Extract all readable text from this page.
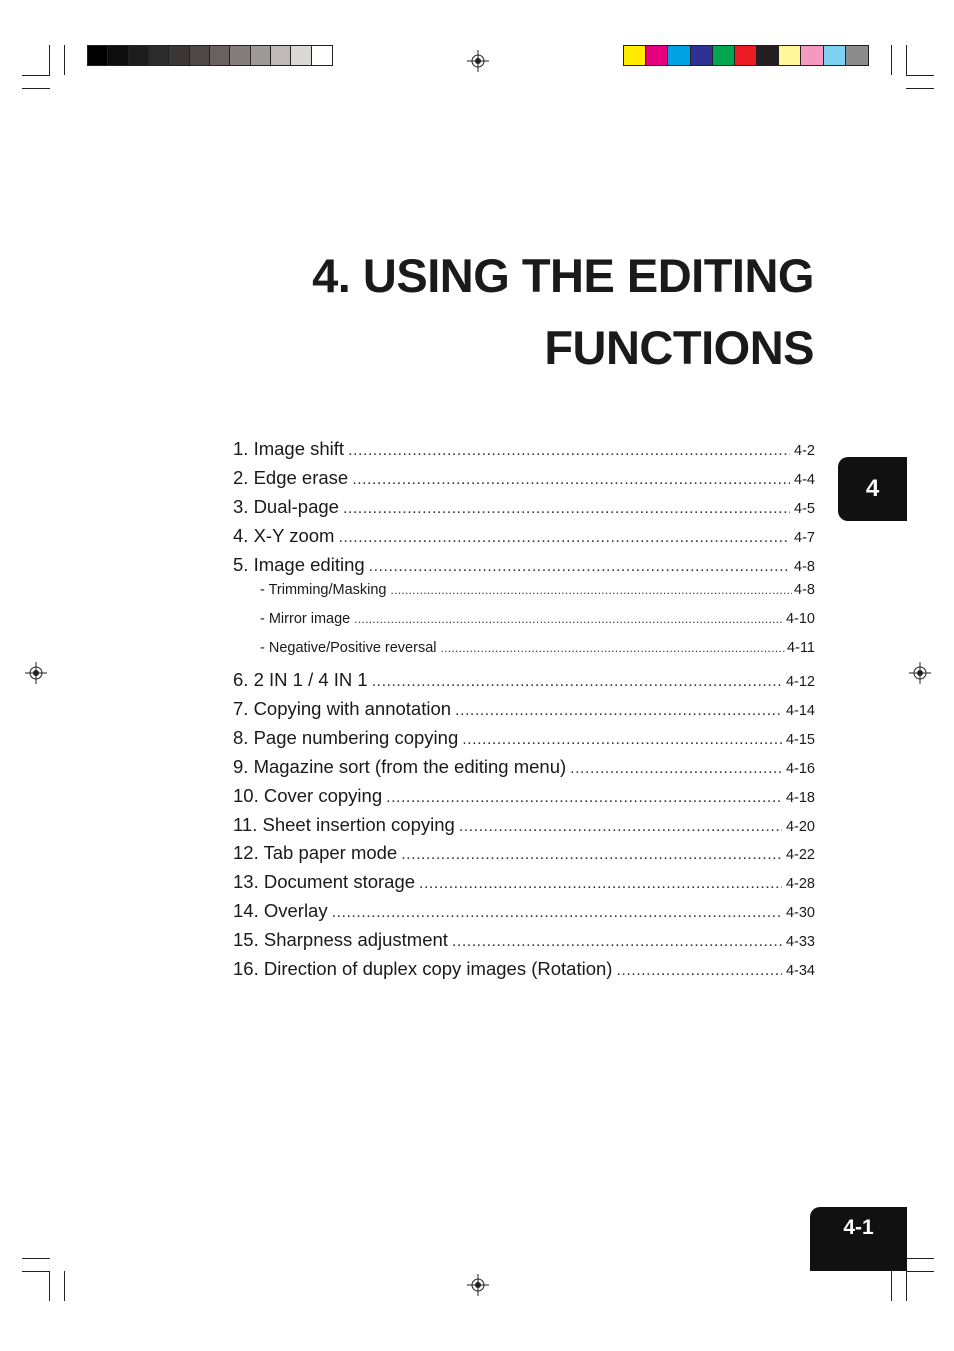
4. USING THE EDITING
FUNCTIONS
1. Image shift .....	4-2
2. Edge erase .....	4-4
3. Dual-page .....	4-5
4. X-Y zoom .....	4-7
5. Image editing .....	4-8
- Trimming/Masking .....	4-8
- Mirror image .....	4-10
- Negative/Positive reversal .....	4-11
6. 2 IN 1 / 4 IN 1 .....	4-12
7. Copying with annotation .....	4-14
8. Page numbering copying .....	4-15
9. Magazine sort (from the editing menu) .....	4-16
10. Cover copying .....	4-18
11. Sheet insertion copying .....	4-20
12. Tab paper mode .....	4-22
13. Document storage .....	4-28
14. Overlay .....	4-30
15. Sharpness adjustment .....	4-33
16. Direction of duplex copy images (Rotation) .....	4-34
4
4-1
